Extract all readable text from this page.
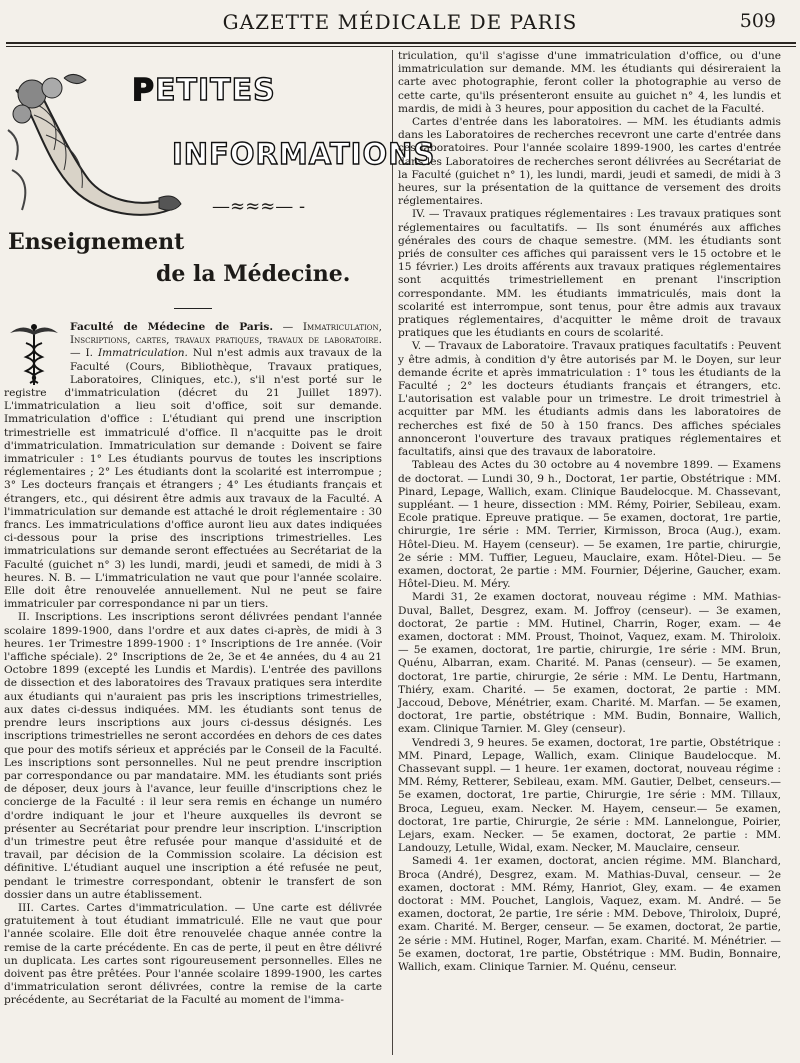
GAZETTE MÉDICALE DE PARIS	509
PETITES
INFORMATIONS
—≈≈≈— -
Enseignement
de la Médecine.

Faculté de Médecine de Paris. — Immatriculation, Inscriptions, cartes, travaux pratiques, travaux de laboratoire. — I. Immatriculation. Nul n'est admis aux travaux de la Faculté (Cours, Bibliothèque, Travaux pratiques, Laboratoires, Cliniques, etc.), s'il n'est porté sur le registre d'immatriculation (décret du 21 Juillet 1897). L'immatriculation a lieu soit d'office, soit sur demande. Immatriculation d'office : L'étudiant qui prend une inscription trimestrielle est immatriculé d'office. Il n'acquitte pas le droit d'immatriculation. Immatriculation sur demande : Doivent se faire immatriculer : 1° Les étudiants pourvus de toutes les inscriptions réglementaires ; 2° Les étudiants dont la scolarité est interrompue ; 3° Les docteurs français et étrangers ; 4° Les étudiants français et étrangers, etc., qui désirent être admis aux travaux de la Faculté. A l'immatriculation sur demande est attaché le droit réglementaire : 30 francs. Les immatriculations d'office auront lieu aux dates indiquées ci-dessous pour la prise des inscriptions trimestrielles. Les immatriculations sur demande seront effectuées au Secrétariat de la Faculté (guichet n° 3) les lundi, mardi, jeudi et samedi, de midi à 3 heures. N. B. — L'immatriculation ne vaut que pour l'année scolaire. Elle doit être renouvelée annuellement. Nul ne peut se faire immatriculer par correspondance ni par un tiers.

II. Inscriptions. Les inscriptions seront délivrées pendant l'année scolaire 1899-1900, dans l'ordre et aux dates ci-après, de midi à 3 heures. 1er Trimestre 1899-1900 : 1° Inscriptions de 1re année. (Voir l'affiche spéciale). 2° Inscriptions de 2e, 3e et 4e années, du 4 au 21 Octobre 1899 (excepté les Lundis et Mardis). L'entrée des pavillons de dissection et des laboratoires des Travaux pratiques sera interdite aux étudiants qui n'auraient pas pris les inscriptions trimestrielles, aux dates ci-dessus indiquées. MM. les étudiants sont tenus de prendre leurs inscriptions aux jours ci-dessus désignés. Les inscriptions trimestrielles ne seront accordées en dehors de ces dates que pour des motifs sérieux et appréciés par le Conseil de la Faculté. Les inscriptions sont personnelles. Nul ne peut prendre inscription par correspondance ou par mandataire. MM. les étudiants sont priés de déposer, deux jours à l'avance, leur feuille d'inscriptions chez le concierge de la Faculté : il leur sera remis en échange un numéro d'ordre indiquant le jour et l'heure auxquelles ils devront se présenter au Secrétariat pour prendre leur inscription. L'inscription d'un trimestre peut être refusée pour manque d'assiduité et de travail, par décision de la Commission scolaire. La décision est définitive. L'étudiant auquel une inscription a été refusée ne peut, pendant le trimestre correspondant, obtenir le transfert de son dossier dans un autre établissement.

III. Cartes. Cartes d'immatriculation. — Une carte est délivrée gratuitement à tout étudiant immatriculé. Elle ne vaut que pour l'année scolaire. Elle doit être renouvelée chaque année contre la remise de la carte précédente. En cas de perte, il peut en être délivré un duplicata. Les cartes sont rigoureusement personnelles. Elles ne doivent pas être prêtées. Pour l'année scolaire 1899-1900, les cartes d'immatriculation seront délivrées, contre la remise de la carte précédente, au Secrétariat de la Faculté au moment de l'imma-

triculation, qu'il s'agisse d'une immatriculation d'office, ou d'une immatriculation sur demande. MM. les étudiants qui désireraient la carte avec photographie, feront coller la photographie au verso de cette carte, qu'ils présenteront ensuite au guichet n° 4, les lundis et mardis, de midi à 3 heures, pour apposition du cachet de la Faculté.

Cartes d'entrée dans les laboratoires. — MM. les étudiants admis dans les Laboratoires de recherches recevront une carte d'entrée dans ces laboratoires. Pour l'année scolaire 1899-1900, les cartes d'entrée dans les Laboratoires de recherches seront délivrées au Secrétariat de la Faculté (guichet n° 1), les lundi, mardi, jeudi et samedi, de midi à 3 heures, sur la présentation de la quittance de versement des droits réglementaires.

IV. — Travaux pratiques réglementaires : Les travaux pratiques sont réglementaires ou facultatifs. — Ils sont énumérés aux affiches générales des cours de chaque semestre. (MM. les étudiants sont priés de consulter ces affiches qui paraissent vers le 15 octobre et le 15 février.) Les droits afférents aux travaux pratiques réglementaires sont acquittés trimestriellement en prenant l'inscription correspondante. MM. les étudiants immatriculés, mais dont la scolarité est interrompue, sont tenus, pour être admis aux travaux pratiques réglementaires, d'acquitter le même droit de travaux pratiques que les étudiants en cours de scolarité.

V. — Travaux de Laboratoire. Travaux pratiques facultatifs : Peuvent y être admis, à condition d'y être autorisés par M. le Doyen, sur leur demande écrite et après immatriculation : 1° tous les étudiants de la Faculté ; 2° les docteurs étudiants français et étrangers, etc. L'autorisation est valable pour un trimestre. Le droit trimestriel à acquitter par MM. les étudiants admis dans les laboratoires de recherches est fixé de 50 à 150 francs. Des affiches spéciales annonceront l'ouverture des travaux pratiques réglementaires et facultatifs, ainsi que des travaux de laboratoire.

Tableau des Actes du 30 octobre au 4 novembre 1899. — Examens de doctorat. — Lundi 30, 9 h., Doctorat, 1er partie, Obstétrique : MM. Pinard, Lepage, Wallich, exam. Clinique Baudelocque. M. Chassevant, suppléant. — 1 heure, dissection : MM. Rémy, Poirier, Sebileau, exam. Ecole pratique. Epreuve pratique. — 5e examen, doctorat, 1re partie, chirurgie, 1re série : MM. Terrier, Kirmisson, Broca (Aug.), exam. Hôtel-Dieu. M. Hayem (censeur). — 5e examen, 1re partie, chirurgie, 2e série : MM. Tuffier, Legueu, Mauclaire, exam. Hôtel-Dieu. — 5e examen, doctorat, 2e partie : MM. Fournier, Déjerine, Gaucher, exam. Hôtel-Dieu. M. Méry.

Mardi 31, 2e examen doctorat, nouveau régime : MM. Mathias-Duval, Ballet, Desgrez, exam. M. Joffroy (censeur). — 3e examen, doctorat, 2e partie : MM. Hutinel, Charrin, Roger, exam. — 4e examen, doctorat : MM. Proust, Thoinot, Vaquez, exam. M. Thiroloix. — 5e examen, doctorat, 1re partie, chirurgie, 1re série : MM. Brun, Quénu, Albarran, exam. Charité. M. Panas (censeur). — 5e examen, doctorat, 1re partie, chirurgie, 2e série : MM. Le Dentu, Hartmann, Thiéry, exam. Charité. — 5e examen, doctorat, 2e partie : MM. Jaccoud, Debove, Ménétrier, exam. Charité. M. Marfan. — 5e examen, doctorat, 1re partie, obstétrique : MM. Budin, Bonnaire, Wallich, exam. Clinique Tarnier. M. Gley (censeur).

Vendredi 3, 9 heures. 5e examen, doctorat, 1re partie, Obstétrique : MM. Pinard, Lepage, Wallich, exam. Clinique Baudelocque. M. Chassevant suppl. — 1 heure. 1er examen, doctorat, nouveau régime : MM. Rémy, Retterer, Sebileau, exam. MM. Gautier, Delbet, censeurs.—5e examen, doctorat, 1re partie, Chirurgie, 1re série : MM. Tillaux, Broca, Legueu, exam. Necker. M. Hayem, censeur.— 5e examen, doctorat, 1re partie, Chirurgie, 2e série : MM. Lannelongue, Poirier, Lejars, exam. Necker. — 5e examen, doctorat, 2e partie : MM. Landouzy, Letulle, Widal, exam. Necker, M. Mauclaire, censeur.

Samedi 4. 1er examen, doctorat, ancien régime. MM. Blanchard, Broca (André), Desgrez, exam. M. Mathias-Duval, censeur. — 2e examen, doctorat : MM. Rémy, Hanriot, Gley, exam. — 4e examen doctorat : MM. Pouchet, Langlois, Vaquez, exam. M. André. — 5e examen, doctorat, 2e partie, 1re série : MM. Debove, Thiroloix, Dupré, exam. Charité. M. Berger, censeur. — 5e examen, doctorat, 2e partie, 2e série : MM. Hutinel, Roger, Marfan, exam. Charité. M. Ménétrier. — 5e examen, doctorat, 1re partie, Obstétrique : MM. Budin, Bonnaire, Wallich, exam. Clinique Tarnier. M. Quénu, censeur.
